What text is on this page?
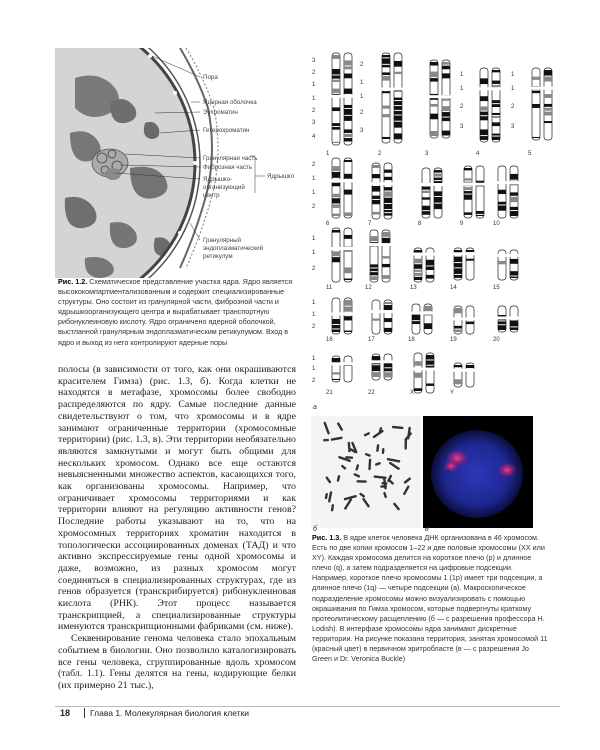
Пора
Ядерная оболочка
Эухроматин
Гетерохроматин
Гранулярная часть
Фиброзная часть
Ядрышко-
организующий
центр
Ядрышко
Гранулярный
эндоплазматический
ретикулум
Рис. 1.2. Схематическое представление участка ядра. Ядро является высококомпартментализованным и содержит специализированные структуры. Оно состоит из гранулярной части, фиброзной части и ядрышкоорганизующего центра и вырабатывает транспортную рибонуклеиновую кислоту. Ядро ограничено ядерной оболочкой, выстланной гранулярным эндоплазматическим ретикулумом. Вход в ядро и выход из него контролируют ядерные поры
1	2	3	4	5
6	7	8	9	10
11	12	13	14	15
16	17	18	19	20
21	22	X	Y
3
2
1
1
2
3
4
2
1
1
2
3
1
1
2
3
1
1
2
3
2
1
1
2
1
1
2
1
1
2
1
1
2
а
б	в
Рис. 1.3. В ядре клеток человека ДНК организована в 46 хромосом. Есть по две копии хромосом 1–22 и две половые хромосомы (XX или XY). Каждая хромосома делится на короткое плечо (p) и длинное плечо (q), а затем подразделяется на цифровые подсекции. Например, короткое плечо хромосомы 1 (1p) имеет три подсекции, а длинное плечо (1q) — четыре подсекции (а). Макроскопическое подразделение хромосомы можно визуализировать с помощью окрашивания по Гимза хромосом, которые подвергнуты краткому протеолитическому расщеплению (б — с разрешения профессора H. Lodish). В интерфазе хромосомы ядра занимают дискретные территории. На рисунке показана территория, занятая хромосомой 11 (красный цвет) в первичном эритробласте (в — с разрешения Jo Green и Dr. Veronica Buckle)

полосы (в зависимости от того, как они окрашиваются красителем Гимза) (рис. 1.3, б). Когда клетки не находятся в метафазе, хромосомы более свободно распределяются по ядру. Самые последние данные свидетельствуют о том, что хромосомы и в ядре занимают ограниченные территории (хромосомные территории) (рис. 1.3, в). Эти территории необязательно являются замкнутыми и могут быть общими для нескольких хромосом. Однако все еще остаются невыясненными множество аспектов, касающихся того, как организованы хромосомы. Например, что ограничивает хромосомы территориями и как территории влияют на регуляцию активности генов? Последние работы указывают на то, что на хромосомных территориях хроматин находится в топологически ассоциированных доменах (ТАД) и что активно экспрессируемые гены одной хромосомы и даже, возможно, из разных хромосом могут соединяться в специализированных структурах, где из генов образуется (транскрибируется) рибонуклеиновая кислота (РНК). Этот процесс называется транскрипцией, а специализированные структуры именуются транскрипционными фабриками (см. ниже).

Секвенирование генома человека стало эпохальным событием в биологии. Оно позволило каталогизировать все гены человека, сгруппированные вдоль хромосом (табл. 1.1). Гены делятся на гены, кодирующие белки (их примерно 21 тыс.),

18 Глава 1. Молекулярная биология клетки
